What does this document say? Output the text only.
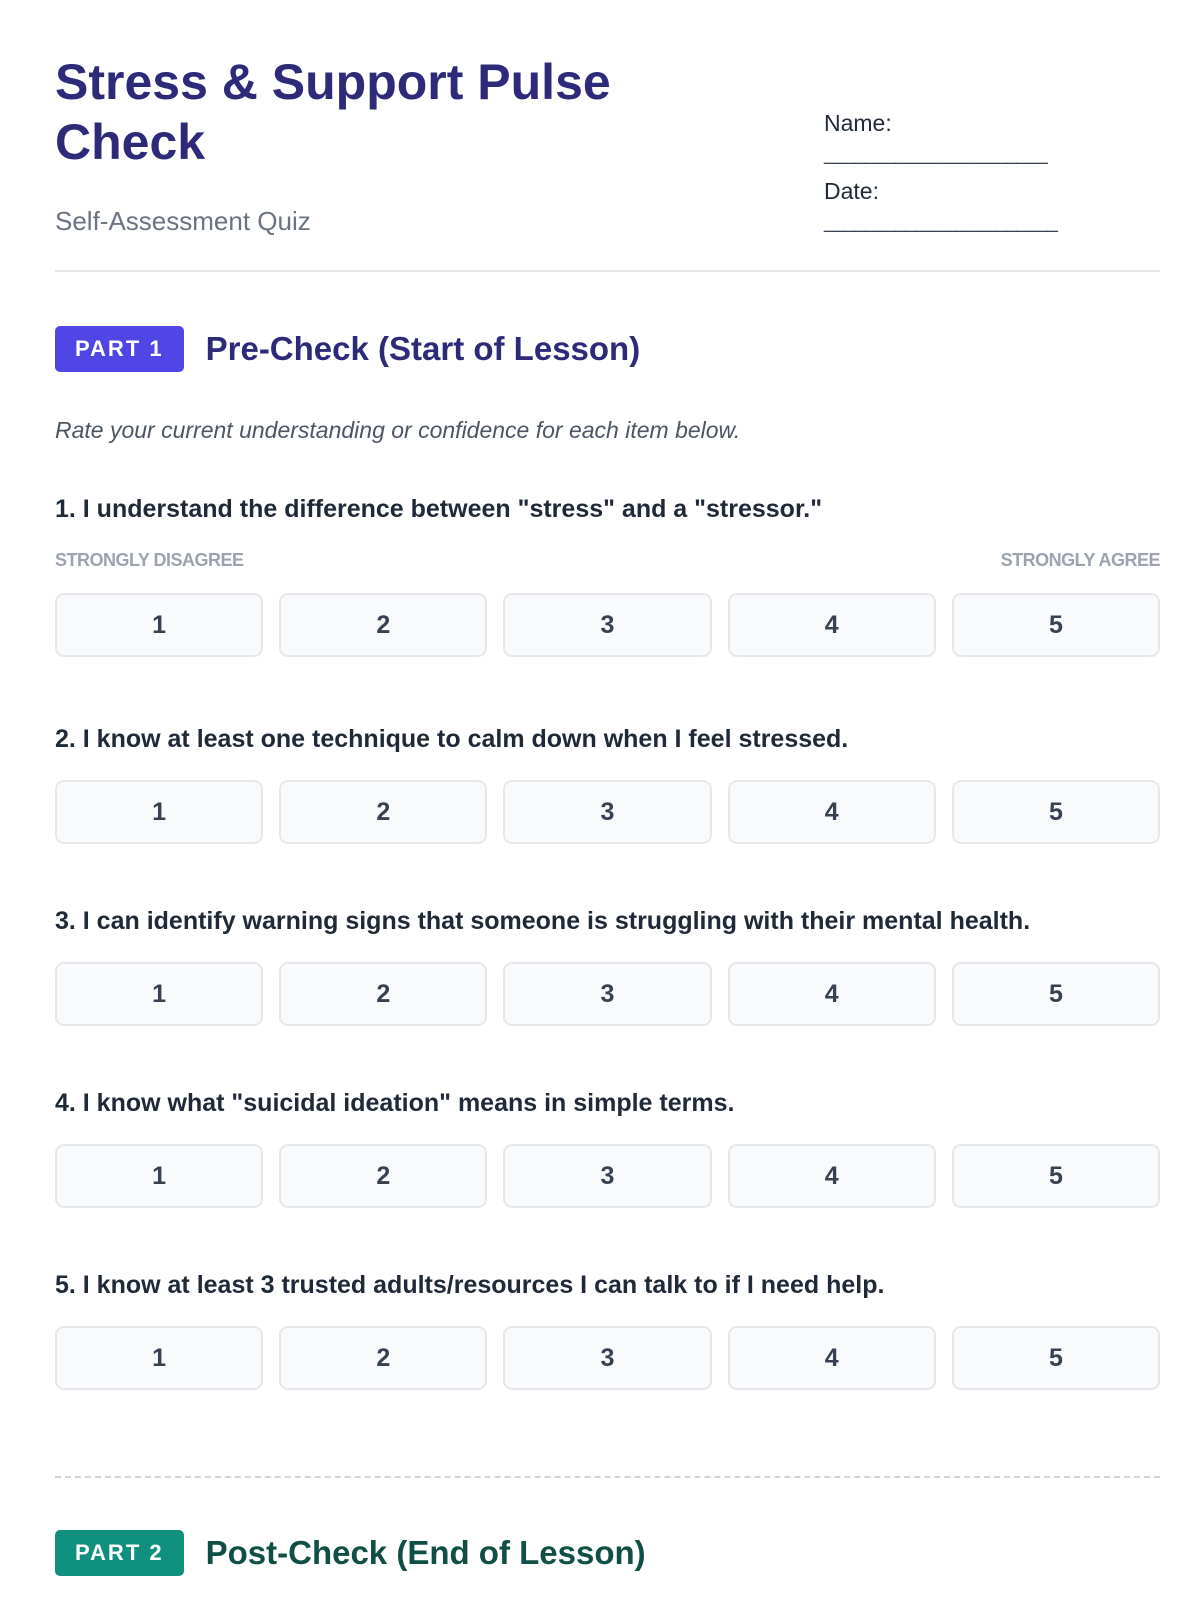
Stress & Support Pulse Check

Self-Assessment Quiz

Name:
______________________
Date:
_______________________
PART 1	Pre-Check (Start of Lesson)

Rate your current understanding or confidence for each item below.

1. I understand the difference between "stress" and a "stressor."

STRONGLY DISAGREE	STRONGLY AGREE
1	2	3	4	5

2. I know at least one technique to calm down when I feel stressed.

1	2	3	4	5

3. I can identify warning signs that someone is struggling with their mental health.

1	2	3	4	5

4. I know what "suicidal ideation" means in simple terms.

1	2	3	4	5

5. I know at least 3 trusted adults/resources I can talk to if I need help.

1	2	3	4	5
PART 2	Post-Check (End of Lesson)
